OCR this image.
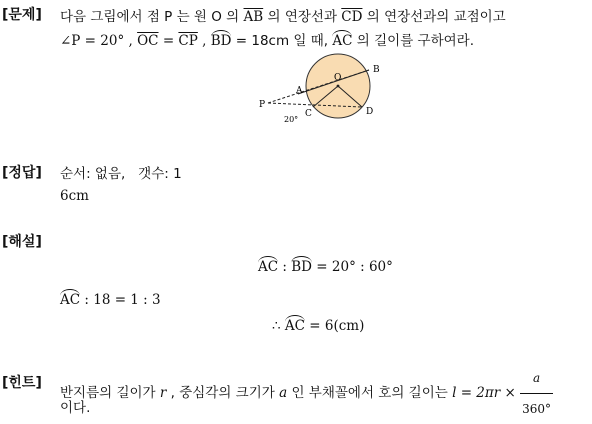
[문제] 다음 그림에서 점 P 는 원 O 의 $\overline{AB}$ 의 연장선과 $\overline{CD}$ 의 연장선과의 교점이고
∠P = 20° , $\overline{OC} = \overline{CP}$ , BD = 18cm 일 때, AC 의 길이를 구하여라.
O
B
A
P
C	D
20°
[정답] 순서: 없음, 갯수: 1
6cm
[해설]
AC : BD = 20° : 60°
AC : 18 = 1 : 3
∴ AC = 6(cm)
[힌트]
반지름의 길이가 r , 중심각의 크기가 a 인 부채꼴에서 호의 길이는 $l = 2\pi r \times \frac{a}{360^\circ}$
이다.
